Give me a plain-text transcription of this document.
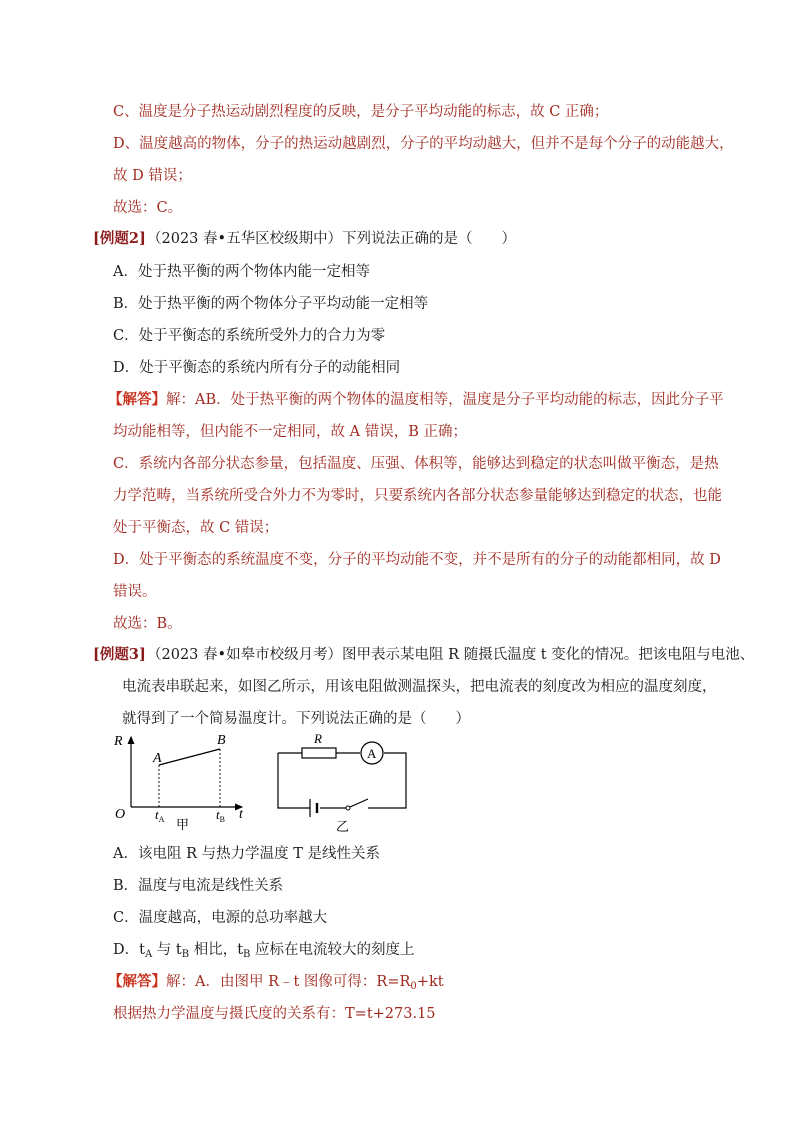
C、温度是分子热运动剧烈程度的反映，是分子平均动能的标志，故 C 正确；
D、温度越高的物体，分子的热运动越剧烈，分子的平均动越大，但并不是每个分子的动能越大，
故 D 错误；
故选：C。
[例题2] （2023 春•五华区校级期中）下列说法正确的是（　　）
A．处于热平衡的两个物体内能一定相等
B．处于热平衡的两个物体分子平均动能一定相等
C．处于平衡态的系统所受外力的合力为零
D．处于平衡态的系统内所有分子的动能相同
【解答】解：AB．处于热平衡的两个物体的温度相等，温度是分子平均动能的标志，因此分子平
均动能相等，但内能不一定相同，故 A 错误，B 正确；
C．系统内各部分状态参量，包括温度、压强、体积等，能够达到稳定的状态叫做平衡态，是热
力学范畴，当系统所受合外力不为零时，只要系统内各部分状态参量能够达到稳定的状态，也能
处于平衡态，故 C 错误；
D．处于平衡态的系统温度不变，分子的平均动能不变，并不是所有的分子的动能都相同，故 D
错误。
故选：B。
[例题3] （2023 春•如皋市校级月考）图甲表示某电阻 R 随摄氏温度 t 变化的情况。把该电阻与电池、
电流表串联起来，如图乙所示，用该电阻做测温探头，把电流表的刻度改为相应的温度刻度，
就得到了一个简易温度计。下列说法正确的是（　　）
R
t
O
A
B
$t_A$	$t_B$
甲
R
A
乙
A．该电阻 R 与热力学温度 T 是线性关系
B．温度与电流是线性关系
C．温度越高，电源的总功率越大
D．$t_A$ 与 $t_B$ 相比，$t_B$ 应标在电流较大的刻度上
【解答】解：A．由图甲 R﹣t 图像可得：$R=R_0+kt$
根据热力学温度与摄氏度的关系有：T=t+273.15
